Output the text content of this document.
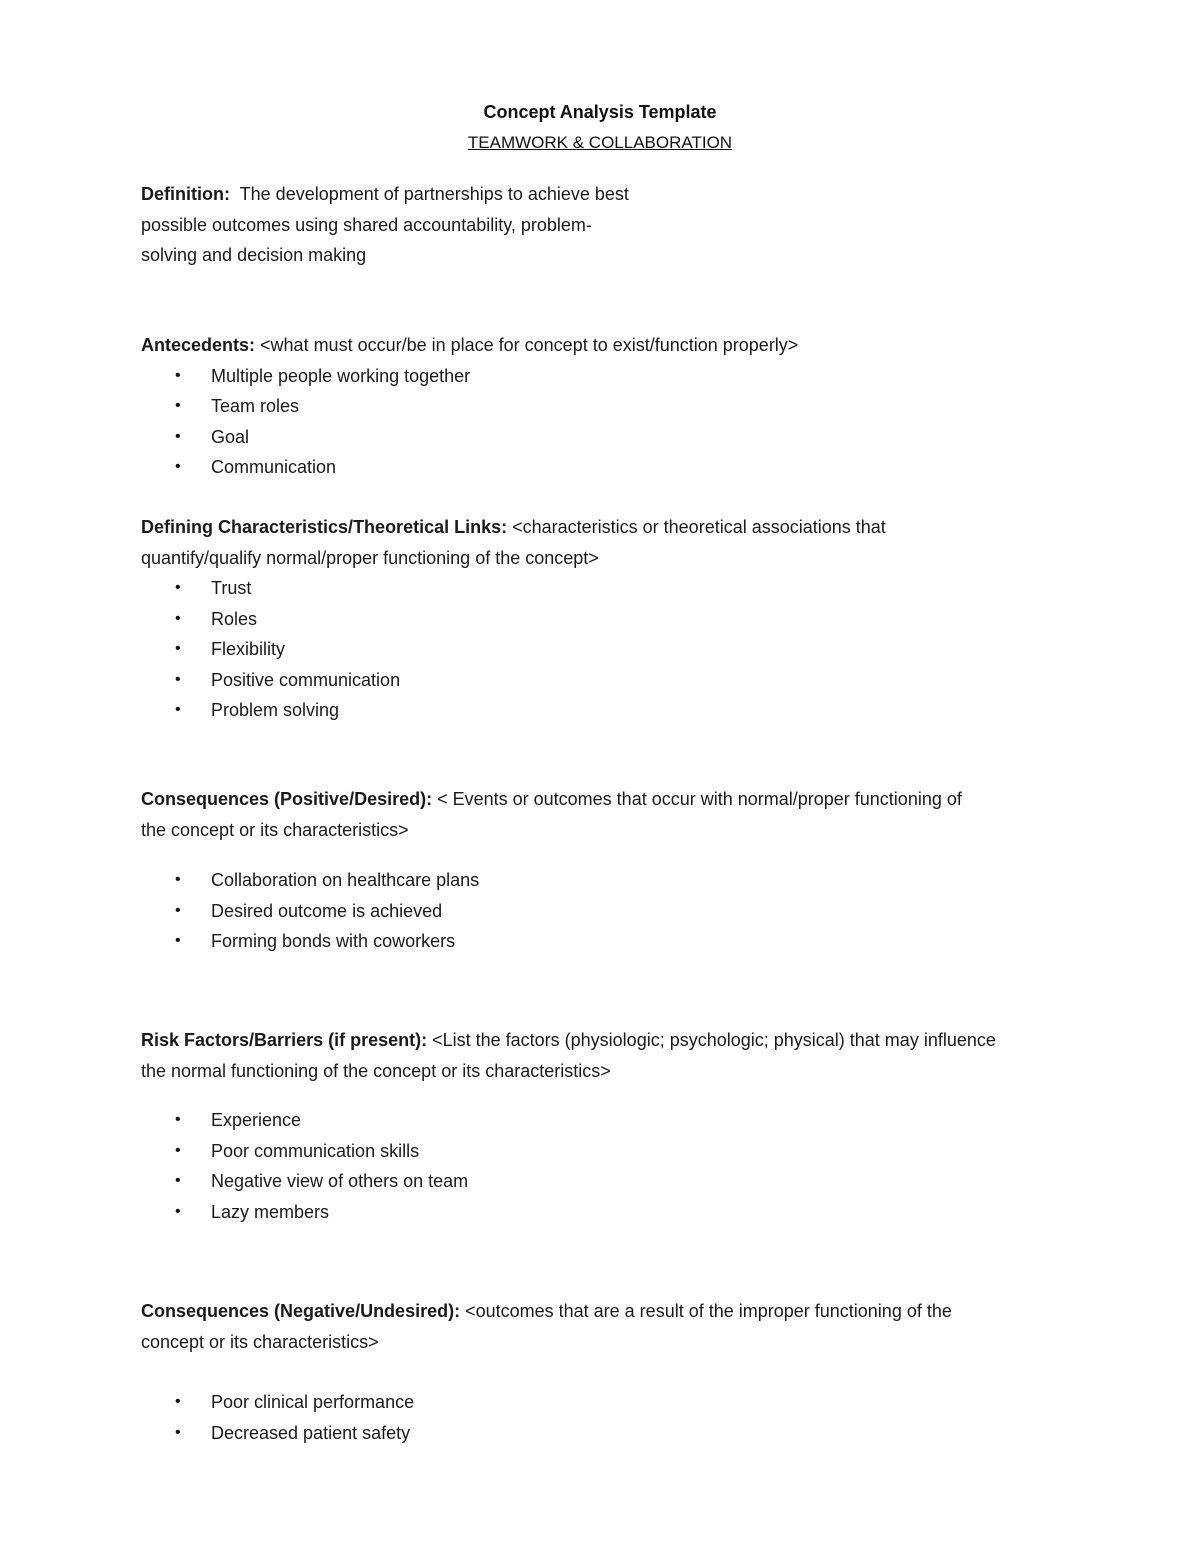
Concept Analysis Template
TEAMWORK & COLLABORATION

Definition:  The development of partnerships to achieve best
possible outcomes using shared accountability, problem-
solving and decision making

Antecedents: <what must occur/be in place for concept to exist/function properly>

• Multiple people working together
• Team roles
• Goal
• Communication

Defining Characteristics/Theoretical Links: <characteristics or theoretical associations that
quantify/qualify normal/proper functioning of the concept>

• Trust
• Roles
• Flexibility
• Positive communication
• Problem solving

Consequences (Positive/Desired): < Events or outcomes that occur with normal/proper functioning of
the concept or its characteristics>

• Collaboration on healthcare plans
• Desired outcome is achieved
• Forming bonds with coworkers

Risk Factors/Barriers (if present): <List the factors (physiologic; psychologic; physical) that may influence
the normal functioning of the concept or its characteristics>

• Experience
• Poor communication skills
• Negative view of others on team
• Lazy members

Consequences (Negative/Undesired): <outcomes that are a result of the improper functioning of the
concept or its characteristics>

• Poor clinical performance
• Decreased patient safety
